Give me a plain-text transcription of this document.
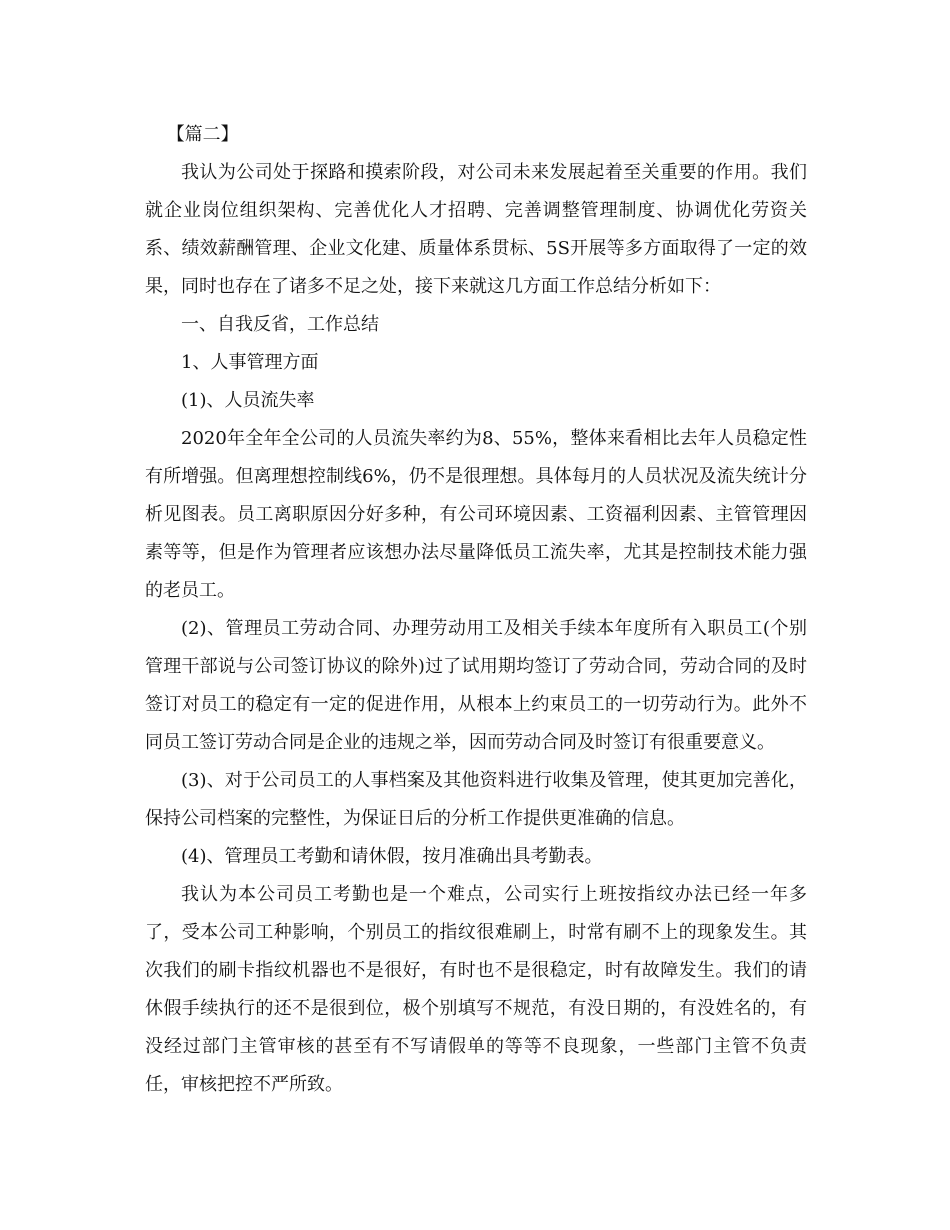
【篇二】

我认为公司处于探路和摸索阶段，对公司未来发展起着至关重要的作用。我们就企业岗位组织架构、完善优化人才招聘、完善调整管理制度、协调优化劳资关系、绩效薪酬管理、企业文化建、质量体系贯标、5S开展等多方面取得了一定的效果，同时也存在了诸多不足之处，接下来就这几方面工作总结分析如下：

一、自我反省，工作总结

1、人事管理方面

(1)、人员流失率

2020年全年全公司的人员流失率约为8、55%，整体来看相比去年人员稳定性有所增强。但离理想控制线6%，仍不是很理想。具体每月的人员状况及流失统计分析见图表。员工离职原因分好多种，有公司环境因素、工资福利因素、主管管理因素等等，但是作为管理者应该想办法尽量降低员工流失率，尤其是控制技术能力强的老员工。

(2)、管理员工劳动合同、办理劳动用工及相关手续本年度所有入职员工(个别管理干部说与公司签订协议的除外)过了试用期均签订了劳动合同，劳动合同的及时签订对员工的稳定有一定的促进作用，从根本上约束员工的一切劳动行为。此外不同员工签订劳动合同是企业的违规之举，因而劳动合同及时签订有很重要意义。

(3)、对于公司员工的人事档案及其他资料进行收集及管理，使其更加完善化，保持公司档案的完整性，为保证日后的分析工作提供更准确的信息。

(4)、管理员工考勤和请休假，按月准确出具考勤表。

我认为本公司员工考勤也是一个难点，公司实行上班按指纹办法已经一年多了，受本公司工种影响，个别员工的指纹很难刷上，时常有刷不上的现象发生。其次我们的刷卡指纹机器也不是很好，有时也不是很稳定，时有故障发生。我们的请休假手续执行的还不是很到位，极个别填写不规范，有没日期的，有没姓名的，有没经过部门主管审核的甚至有不写请假单的等等不良现象，一些部门主管不负责任，审核把控不严所致。
